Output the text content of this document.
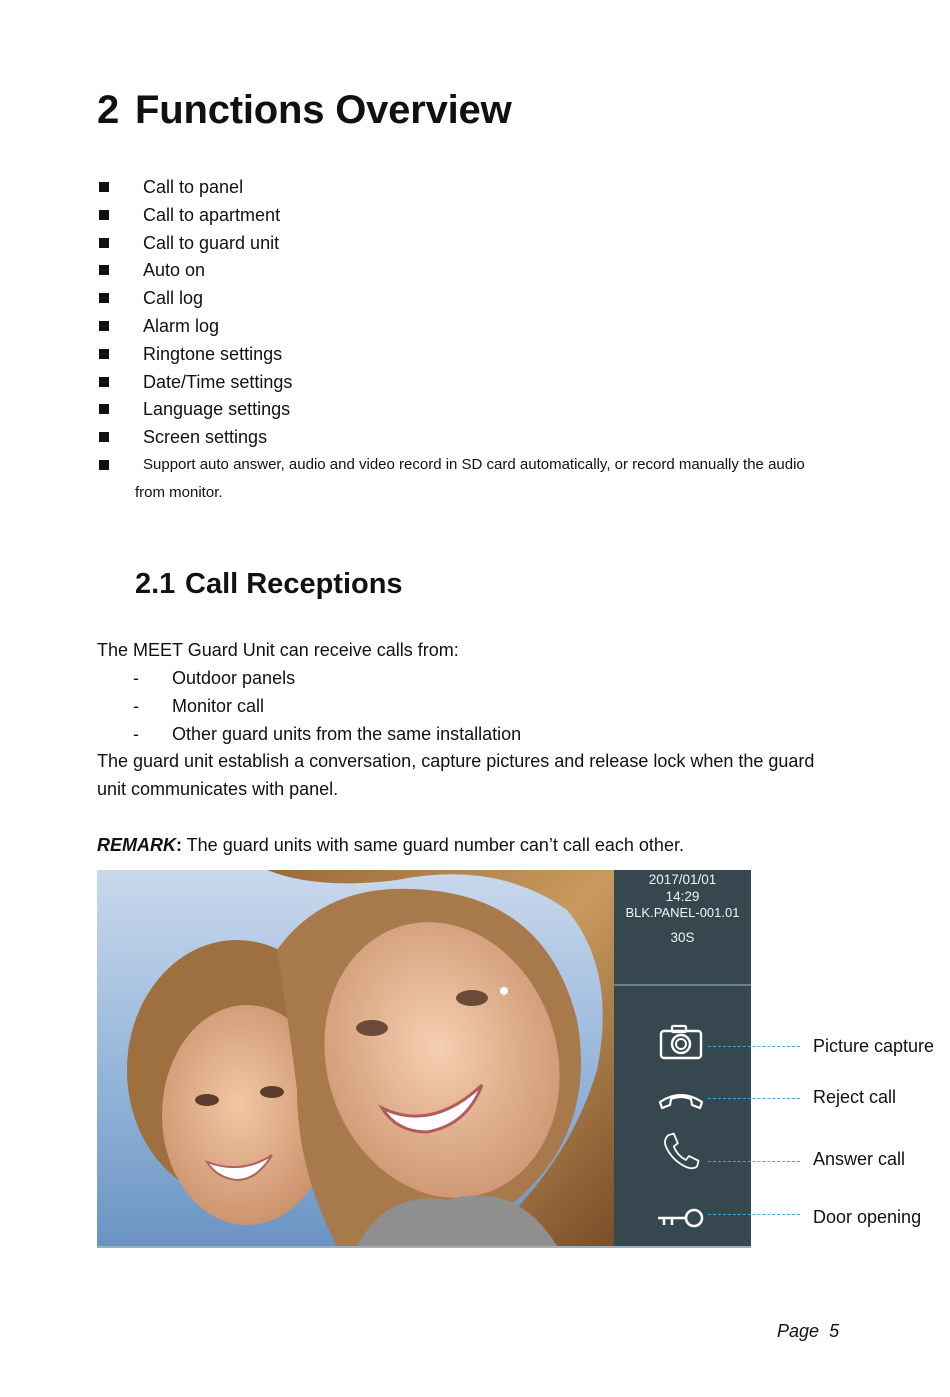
2 Functions Overview
Call to panel
Call to apartment
Call to guard unit
Auto on
Call log
Alarm log
Ringtone settings
Date/Time settings
Language settings
Screen settings
Support auto answer, audio and video record in SD card automatically, or record manually the audio
from monitor.
2.1 Call Receptions

The MEET Guard Unit can receive calls from:

- Outdoor panels
- Monitor call
- Other guard units from the same installation

The guard unit establish a conversation, capture pictures and release lock when the guard

unit communicates with panel.

REMARK: The guard units with same guard number can’t call each other.

2017/01/01
14:29
BLK.PANEL-001.01
30S
Picture capture
Reject call
Answer call
Door opening
Page 5
